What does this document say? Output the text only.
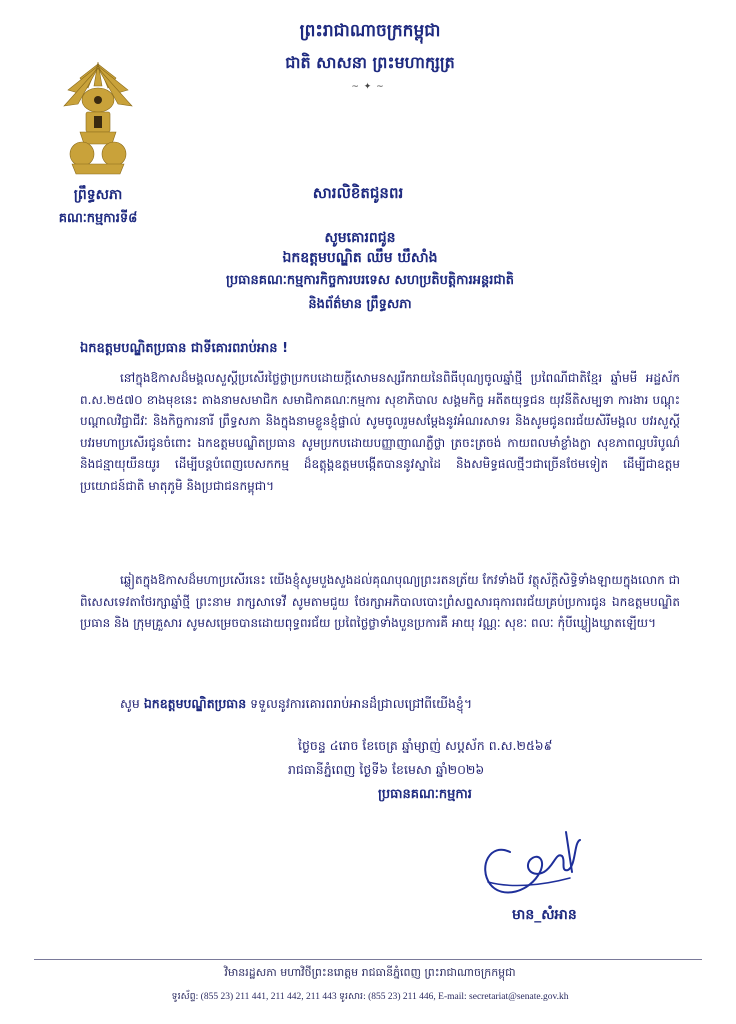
ព្រះរាជាណាចក្រកម្ពុជា
ជាតិ សាសនា ព្រះមហាក្សត្រ
~ ✦ ~
ព្រឹទ្ធសភា
គណៈកម្មការទី៨
សារលិខិតជូនពរ
សូមគោរពជូន
ឯកឧត្តមបណ្ឌិត ឈឹម ឃឹសាំង
ប្រធានគណៈកម្មការកិច្ចការបរទេស សហប្រតិបត្តិការអន្តរជាតិ
និងព័ត៌មាន ព្រឹទ្ធសភា
ឯកឧត្តមបណ្ឌិតប្រធាន ជាទីគោរពរាប់អាន !
នៅក្នុងឱកាសដ៏មង្គលសួស្តីប្រសើរថ្លៃថ្លាប្រកបដោយក្តីសោមនស្សរីករាយនៃពិធីបុណ្យចូលឆ្នាំថ្មី ប្រពៃណីជាតិខ្មែរ ឆ្នាំមមី អដ្ឋស័ក ព.ស.២៥៧០ ខាងមុខនេះ តាងនាមសមាជិក សមាជិកាគណៈកម្មការ សុខាភិបាល សង្គមកិច្ច អតីតយុទ្ធជន យុវនីតិសម្បទា ការងារ បណ្តុះបណ្តាលវិជ្ជាជីវៈ និងកិច្ចការនារី ព្រឹទ្ធសភា និងក្នុងនាមខ្លួនខ្ញុំផ្ទាល់ សូមចូលរួមសម្តែងនូវអំណរសាទរ និងសូមជូនពរជ័យសិរីមង្គល បវរសួស្តី បវរមហាប្រសើរជូនចំពោះ ឯកឧត្តមបណ្ឌិតប្រធាន សូមប្រកបដោយបញ្ញាញាណភ្លឺថ្លា ត្រចះត្រចង់ កាយពលមាំខ្លាំងក្លា សុខភាពល្អបរិបូណ៌ និងជន្មាយុយឺនយូរ ដើម្បីបន្តបំពេញបេសកកម្ម ដ៏ឧត្តុង្គឧត្តមបង្កើតបាននូវស្នាដៃ និងសមិទ្ធផលថ្មីៗជាច្រើនថែមទៀត ដើម្បីជាឧត្តមប្រយោជន៍ជាតិ មាតុភូមិ និងប្រជាជនកម្ពុជា។
ឆ្លៀតក្នុងឱកាសដ៏មហាប្រសើរនេះ យើងខ្ញុំសូមបួងសួងដល់គុណបុណ្យព្រះរតនត្រ័យ កែវទាំងបី វត្ថុស័ក្តិសិទ្ធិទាំងឡាយក្នុងលោក ជាពិសេសទេវតាថែរក្សាឆ្នាំថ្មី ព្រះនាម រាក្សសាទេវី សូមតាមជួយ ថែរក្សាអភិបាលបោះព្រំសព្ទសារធុការពរជ័យគ្រប់ប្រការជូន ឯកឧត្តមបណ្ឌិតប្រធាន និង ក្រុមគ្រួសារ សូមសម្រេចបានដោយពុទ្ធពរជ័យ ប្រពៃថ្លៃថ្លាទាំងបួនប្រការគឺ អាយុ វណ្ណៈ សុខៈ ពលៈ កុំបីឃ្លៀងឃ្លាតឡើយ។
សូម ឯកឧត្តមបណ្ឌិតប្រធាន ទទួលនូវការគោរពរាប់អានដ៏ជ្រាលជ្រៅពីយើងខ្ញុំ។
ថ្ងៃចន្ទ ៤រោច ខែចេត្រ ឆ្នាំម្សាញ់ សប្តស័ក ព.ស.២៥៦៩
រាជធានីភ្នំពេញ ថ្ងៃទី៦ ខែមេសា ឆ្នាំ២០២៦
ប្រធានគណៈកម្មការ
មាន_សំអាន
វិមានរដ្ឋសភា មហាវិថីព្រះនរោត្តម រាជធានីភ្នំពេញ ព្រះរាជាណាចក្រកម្ពុជា
ទូរស័ព្ទ: (855 23) 211 441, 211 442, 211 443 ទូរសារ: (855 23) 211 446, E-mail: secretariat@senate.gov.kh
